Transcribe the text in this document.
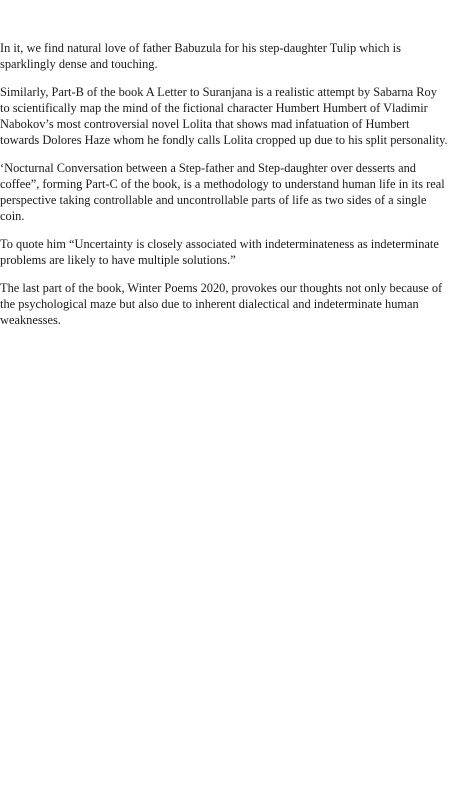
In it, we find natural love of father Babuzula for his step-daughter Tulip which is sparklingly dense and touching.

Similarly, Part-B of the book A Letter to Suranjana is a realistic attempt by Sabarna Roy to scientifically map the mind of the fictional character Humbert Humbert of Vladimir Nabokov’s most controversial novel Lolita that shows mad infatuation of Humbert towards Dolores Haze whom he fondly calls Lolita cropped up due to his split personality.

‘Nocturnal Conversation between a Step-father and Step-daughter over desserts and coffee”, forming Part-C of the book, is a methodology to understand human life in its real perspective taking controllable and uncontrollable parts of life as two sides of a single coin.

To quote him “Uncertainty is closely associated with indeterminateness as indeterminate problems are likely to have multiple solutions.”

The last part of the book, Winter Poems 2020, provokes our thoughts not only because of the psychological maze but also due to inherent dialectical and indeterminate human weaknesses.
